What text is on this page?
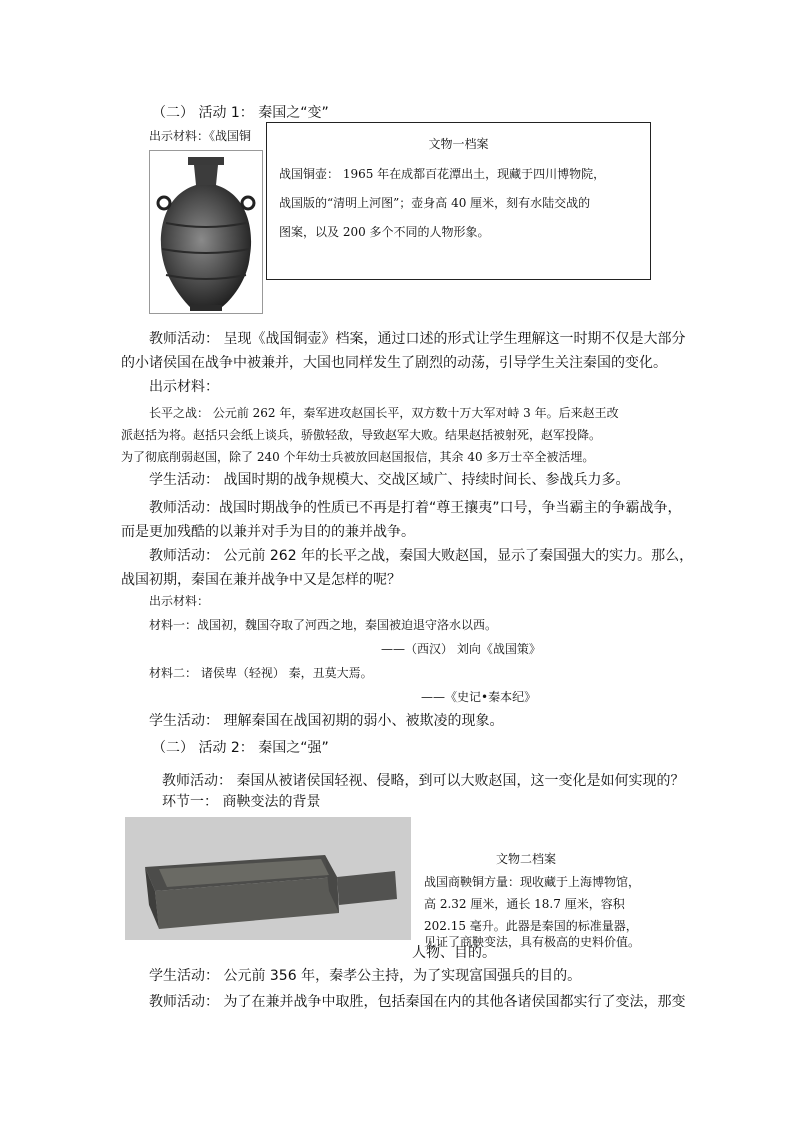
（二） 活动 1： 秦国之“变”
出示材料：《战国铜
文物一档案
战国铜壶： 1965 年在成都百花潭出土，现藏于四川博物院，
战国版的“清明上河图”；壶身高 40 厘米，刻有水陆交战的
图案，以及 200 多个不同的人物形象。
教师活动： 呈现《战国铜壶》档案，通过口述的形式让学生理解这一时期不仅是大部分
的小诸侯国在战争中被兼并，大国也同样发生了剧烈的动荡，引导学生关注秦国的变化。
出示材料：
长平之战： 公元前 262 年，秦军进攻赵国长平，双方数十万大军对峙 3 年。后来赵王改
派赵括为将。赵括只会纸上谈兵，骄傲轻敌，导致赵军大败。结果赵括被射死，赵军投降。
为了彻底削弱赵国，除了 240 个年幼士兵被放回赵国报信，其余 40 多万士卒全被活埋。
学生活动： 战国时期的战争规模大、交战区域广、持续时间长、参战兵力多。
教师活动：战国时期战争的性质已不再是打着“尊王攘夷”口号，争当霸主的争霸战争，
而是更加残酷的以兼并对手为目的的兼并战争。
教师活动： 公元前 262 年的长平之战，秦国大败赵国，显示了秦国强大的实力。那么，
战国初期，秦国在兼并战争中又是怎样的呢？
出示材料：
材料一：战国初，魏国夺取了河西之地，秦国被迫退守洛水以西。
——（西汉） 刘向《战国策》
材料二： 诸侯卑（轻视） 秦，丑莫大焉。
——《史记•秦本纪》
学生活动： 理解秦国在战国初期的弱小、被欺凌的现象。
（二） 活动 2： 秦国之“强”
教师活动： 秦国从被诸侯国轻视、侵略，到可以大败赵国，这一变化是如何实现的？
环节一： 商鞅变法的背景
文物二档案
战国商鞅铜方量：现收藏于上海博物馆，
高 2.32 厘米，通长 18.7 厘米，容积
202.15 毫升。此器是秦国的标准量器，
见证了商鞅变法，具有极高的史料价值。
人物、目的。
学生活动： 公元前 356 年，秦孝公主持，为了实现富国强兵的目的。
教师活动： 为了在兼并战争中取胜，包括秦国在内的其他各诸侯国都实行了变法，那变
